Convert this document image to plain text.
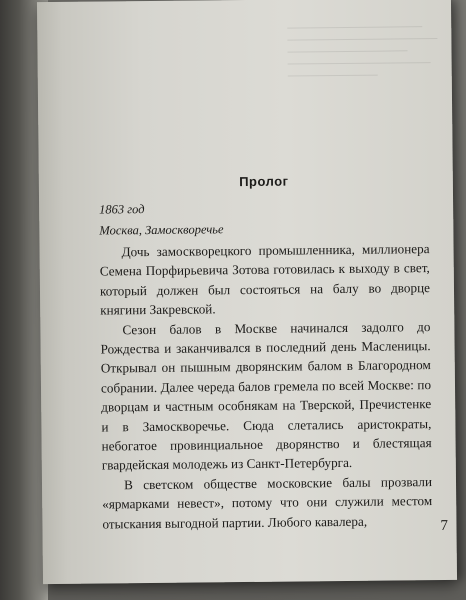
Пролог
1863 год
Москва, Замоскворечье

Дочь замоскворецкого промышленника, миллионера Семена Порфирьевича Зотова готовилась к выходу в свет, который должен был состояться на балу во дворце княгини Закревской.

Сезон балов в Москве начинался задолго до Рождества и заканчивался в последний день Масленицы. Открывал он пышным дворянским балом в Благородном собрании. Далее череда балов гремела по всей Москве: по дворцам и частным особнякам на Тверской, Пречистенке и в Замоскворечье. Сюда слетались аристократы, небогатое провинциальное дворянство и блестящая гвардейская молодежь из Санкт-Петербурга.

В светском обществе московские балы прозвали «ярмарками невест», потому что они служили местом отыскания выгодной партии. Любого кавалера,	7
